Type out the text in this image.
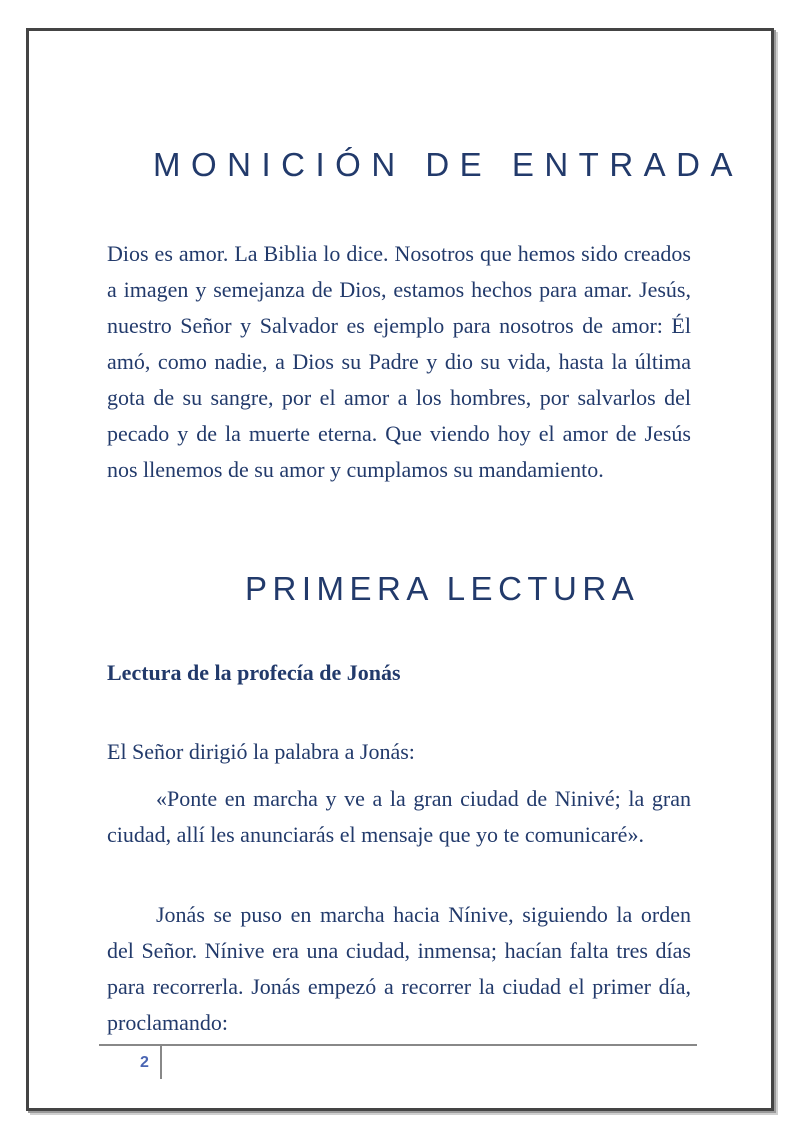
MONICIÓN DE ENTRADA

Dios es amor. La Biblia lo dice. Nosotros que hemos sido creados a imagen y semejanza de Dios, estamos hechos para amar. Jesús, nuestro Señor y Salvador es ejemplo para nosotros de amor: Él amó, como nadie, a Dios su Padre y dio su vida, hasta la última gota de su sangre, por el amor a los hombres, por salvarlos del pecado y de la muerte eterna. Que viendo hoy el amor de Jesús nos llenemos de su amor y cumplamos su mandamiento.

PRIMERA LECTURA
Lectura de la profecía de Jonás

El Señor dirigió la palabra a Jonás:

«Ponte en marcha y ve a la gran ciudad de Ninivé; la gran ciudad, allí les anunciarás el mensaje que yo te comunicaré».

Jonás se puso en marcha hacia Nínive, siguiendo la orden del Señor. Nínive era una ciudad, inmensa; hacían falta tres días para recorrerla. Jonás empezó a recorrer la ciudad el primer día, proclamando:

2
